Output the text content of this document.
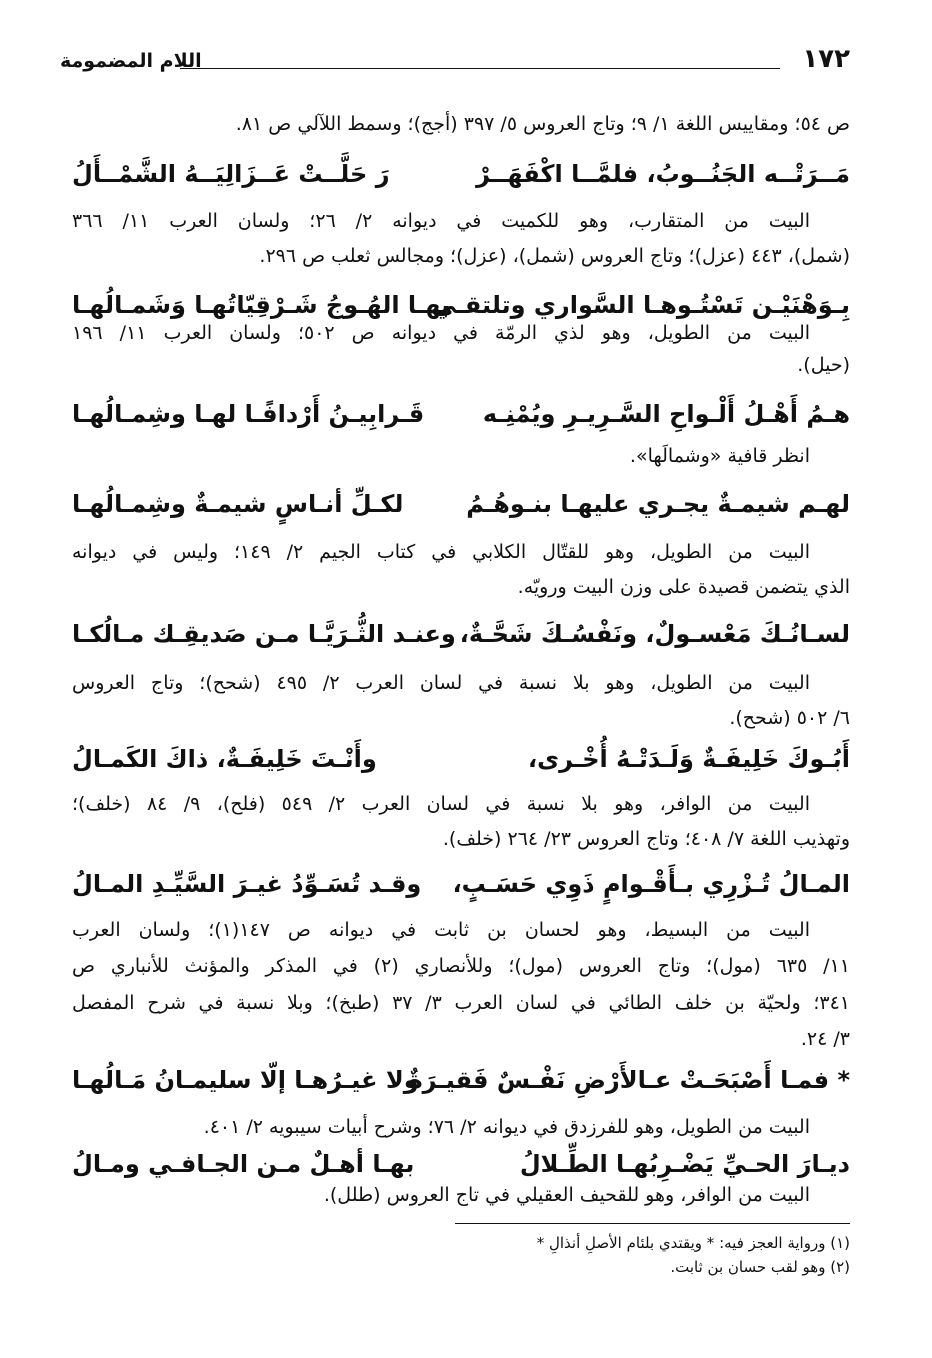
١٧٢
اللام المضمومة
ص ٥٤؛ ومقاييس اللغة ١/ ٩؛ وتاج العروس ٥/ ٣٩٧ (أجج)؛ وسمط اللآلي ص ٨١.
مَــرَتْــه الجَنُــوبُ، فلمَّــا اكْفَهَــرْ
رَ حَلَّــتْ عَــزَالِيَــهُ الشَّمْــأَلُ
البيت من المتقارب، وهو للكميت في ديوانه ٢/ ٢٦؛ ولسان العرب ١١/ ٣٦٦
(شمل)، ٤٤٣ (عزل)؛ وتاج العروس (شمل)، (عزل)؛ ومجالس ثعلب ص ٢٩٦.
بِـوَهْنَيْـن تَسْتُـوهـا السَّواري وتلتقـي
بهـا الهُـوجُ شَـرْقِيّاتُهـا وَشَمـالُهـا
البيت من الطويل، وهو لذي الرمّة في ديوانه ص ٥٠٢؛ ولسان العرب ١١/ ١٩٦
(حيل).
هـمُ أَهْـلُ أَلْـواحِ السَّـرِيـرِ ويُمْنِـه
قَـرابِيـنُ أَرْدافًـا لهـا وشِمـالُهـا
انظر قافية «وشمالَها».
لهـم شيمـةٌ يجـري عليهـا بنـوهُـمُ
لكـلِّ أنـاسٍ شيمـةٌ وشِمـالُهـا
البيت من الطويل، وهو للقتّال الكلابي في كتاب الجيم ٢/ ١٤٩؛ وليس في ديوانه
الذي يتضمن قصيدة على وزن البيت ورويّه.
لسـانُـكَ مَعْسـولٌ، ونَفْسُـكَ شَحَّـةٌ،
وعنـد الثُّـرَيَّـا مـن صَديقِـك مـالُكـا
البيت من الطويل، وهو بلا نسبة في لسان العرب ٢/ ٤٩٥ (شحح)؛ وتاج العروس
٦/ ٥٠٢ (شحح).
أَبُـوكَ خَلِيفَـةٌ وَلَـدَتْـهُ أُخْـرى،
وأَنْـتَ خَلِيفَـةٌ، ذاكَ الكَمـالُ
البيت من الوافر، وهو بلا نسبة في لسان العرب ٢/ ٥٤٩ (فلح)، ٩/ ٨٤ (خلف)؛
وتهذيب اللغة ٧/ ٤٠٨؛ وتاج العروس ٢٣/ ٢٦٤ (خلف).
المـالُ تُـزْرِي بـأَقْـوامٍ ذَوِي حَسَـبٍ،
وقـد تُسَـوِّدُ غيـرَ السَّيِّـدِ المـالُ
البيت من البسيط، وهو لحسان بن ثابت في ديوانه ص ١٤٧(١)؛ ولسان العرب
١١/ ٦٣٥ (مول)؛ وتاج العروس (مول)؛ وللأنصاري (٢) في المذكر والمؤنث للأنباري ص
٣٤١؛ ولحيّة بن خلف الطائي في لسان العرب ٣/ ٣٧ (طبخ)؛ وبلا نسبة في شرح المفصل
٣/ ٢٤.
* فمـا أَصْبَحَـتْ عـالأَرْضِ نَفْـسٌ فَقيـرَةٌ
ولا غيـرُهـا إلّا سليمـانُ مَـالُهـا
البيت من الطويل، وهو للفرزدق في ديوانه ٢/ ٧٦؛ وشرح أبيات سيبويه ٢/ ٤٠١.
ديـارَ الحـيِّ يَضْـرِبُهـا الطِّـلالُ
بهـا أهـلٌ مـن الجـافـي ومـالُ
البيت من الوافر، وهو للقحيف العقيلي في تاج العروس (طلل).
(١) ورواية العجز فيه: * ويقتدي بلئام الأصلِ أنذالِ *
(٢) وهو لقب حسان بن ثابت.
